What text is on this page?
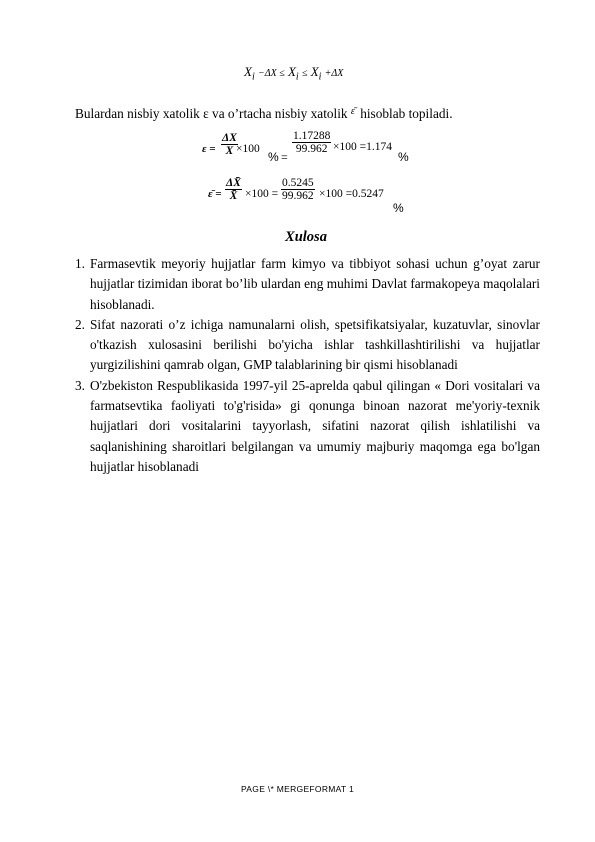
$X_i -\Delta X \le X_i \le X_i +\Delta X$
Bulardan nisbiy xatolik ε va o’rtacha nisbiy xatolik $^{\varepsilon̄}$ hisoblab topiladi.
$\varepsilon = \frac{\Delta X}{X}$
×100
% =
$\frac{1.17288}{99.962} \times 100 =1.174$
%
ε̄ = $\frac{\Delta X̄}{X̄} \times 100 = \frac{0.5245}{99.962} \times 100 =0.5247$
%
Xulosa
1. Farmasevtik meyoriy hujjatlar farm kimyo va tibbiyot sohasi uchun g’oyat zarur hujjatlar tizimidan iborat bo’lib ulardan eng muhimi Davlat farmakopeya maqolalari hisoblanadi.
2. Sifat nazorati o’z ichiga namunalarni olish, spetsifikatsiyalar, kuzatuvlar, sinovlar o'tkazish xulosasini berilishi bo'yicha ishlar tashkillashtirilishi va hujjatlar yurgizilishini qamrab olgan, GMP talablarining bir qismi hisoblanadi
3. O'zbekiston Respublikasida 1997-yil 25-aprelda qabul qilingan « Dori vositalari va farmatsevtika faoliyati to'g'risida» gi qonunga binoan nazorat me'yoriy-texnik hujjatlari dori vositalarini tayyorlash, sifatini nazorat qilish ishlatilishi va saqlanishining sharoitlari belgilangan va umumiy majburiy maqomga ega bo'lgan hujjatlar hisoblanadi
PAGE \* MERGEFORMAT 1
